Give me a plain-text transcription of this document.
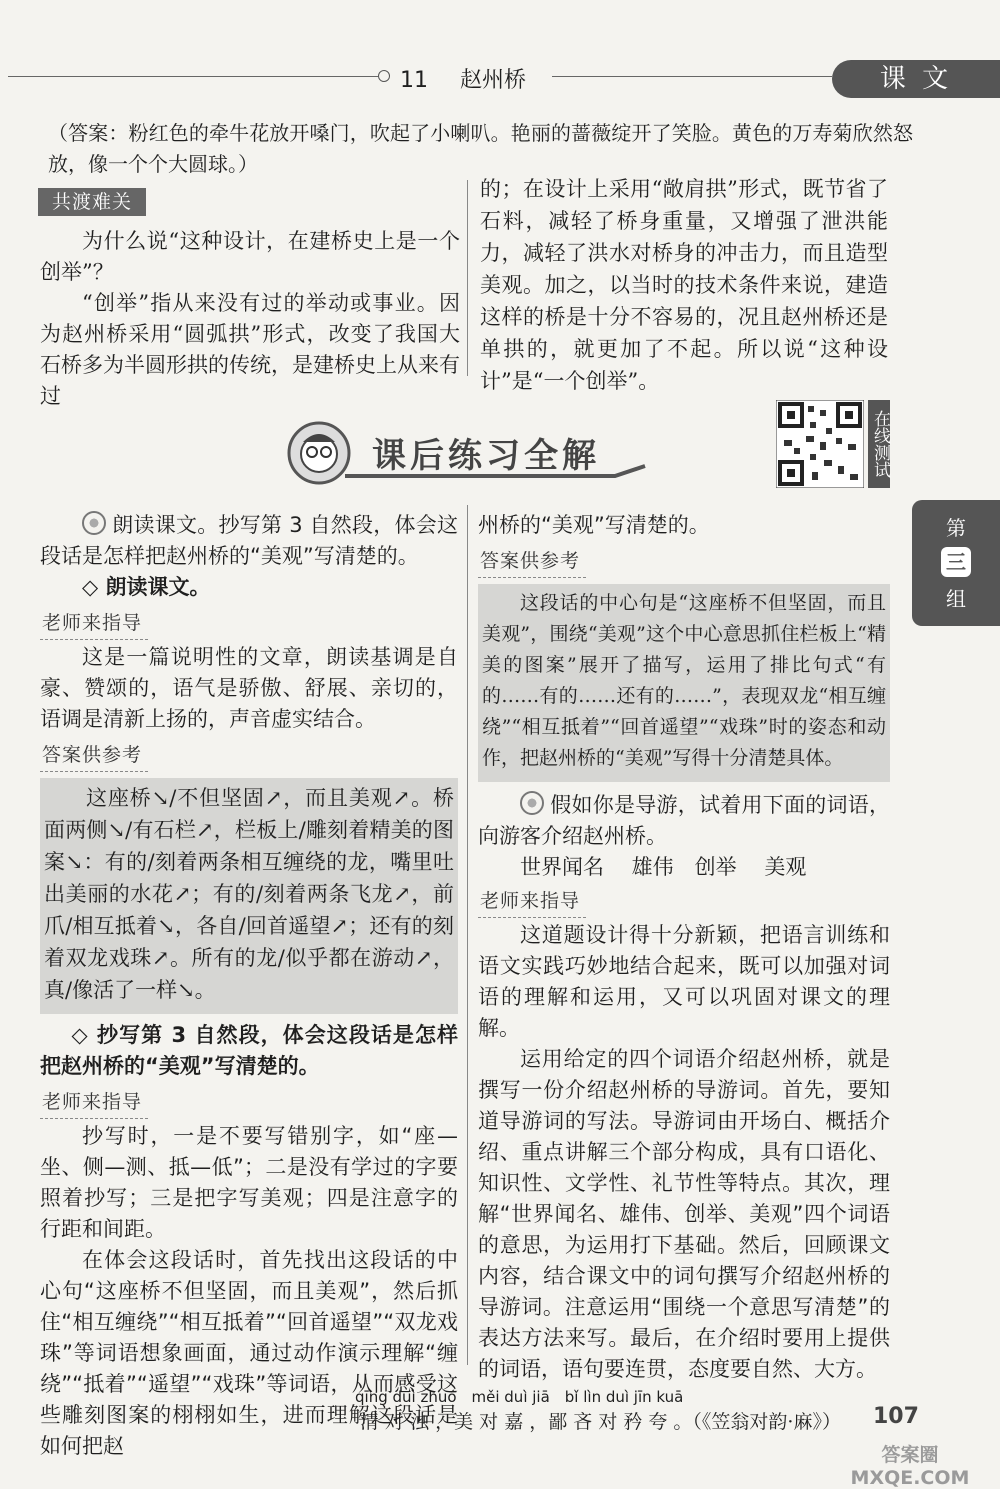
11 赵州桥	课 文
（答案：粉红色的牵牛花放开嗓门，吹起了小喇叭。艳丽的蔷薇绽开了笑脸。黄色的万寿菊欣然怒放，像一个个大圆球。）
共渡难关

为什么说“这种设计，在建桥史上是一个创举”？

“创举”指从来没有过的举动或事业。因为赵州桥采用“圆弧拱”形式，改变了我国大石桥多为半圆形拱的传统，是建桥史上从来有过

的；在设计上采用“敞肩拱”形式，既节省了石料，减轻了桥身重量，又增强了泄洪能力，减轻了洪水对桥身的冲击力，而且造型美观。加之，以当时的技术条件来说，建造这样的桥是十分不容易的，况且赵州桥还是单拱的，就更加了不起。所以说“这种设计”是“一个创举”。
课后练习全解	在线测试
第
三
组

朗读课文。抄写第 3 自然段，体会这段话是怎样把赵州桥的“美观”写清楚的。

◇ 朗读课文。
老师来指导

这是一篇说明性的文章，朗读基调是自豪、赞颂的，语气是骄傲、舒展、亲切的，语调是清新上扬的，声音虚实结合。

答案供参考

这座桥↘/不但坚固↗，而且美观↗。桥面两侧↘/有石栏↗，栏板上/雕刻着精美的图案↘：有的/刻着两条相互缠绕的龙，嘴里吐出美丽的水花↗；有的/刻着两条飞龙↗，前爪/相互抵着↘，各自/回首遥望↗；还有的刻着双龙戏珠↗。所有的龙/似乎都在游动↗，真/像活了一样↘。

◇ 抄写第 3 自然段，体会这段话是怎样把赵州桥的“美观”写清楚的。
老师来指导

抄写时，一是不要写错别字，如“座—坐、侧—测、抵—低”；二是没有学过的字要照着抄写；三是把字写美观；四是注意字的行距和间距。

在体会这段话时，首先找出这段话的中心句“这座桥不但坚固，而且美观”，然后抓住“相互缠绕”“相互抵着”“回首遥望”“双龙戏珠”等词语想象画面，通过动作演示理解“缠绕”“抵着”“遥望”“戏珠”等词语，从而感受这些雕刻图案的栩栩如生，进而理解这段话是如何把赵

州桥的“美观”写清楚的。
答案供参考

这段话的中心句是“这座桥不但坚固，而且美观”，围绕“美观”这个中心意思抓住栏板上“精美的图案”展开了描写，运用了排比句式“有的……有的……还有的……”，表现双龙“相互缠绕”“相互抵着”“回首遥望”“戏珠”时的姿态和动作，把赵州桥的“美观”写得十分清楚具体。

假如你是导游，试着用下面的词语，向游客介绍赵州桥。

世界闻名　 雄伟　创举　 美观
老师来指导

这道题设计得十分新颖，把语言训练和语文实践巧妙地结合起来，既可以加强对词语的理解和运用，又可以巩固对课文的理解。

运用给定的四个词语介绍赵州桥，就是撰写一份介绍赵州桥的导游词。首先，要知道导游词的写法。导游词由开场白、概括介绍、重点讲解三个部分构成，具有口语化、知识性、文学性、礼节性等特点。其次，理解“世界闻名、雄伟、创举、美观”四个词语的意思，为运用打下基础。然后，回顾课文内容，结合课文中的词句撰写介绍赵州桥的导游词。注意运用“围绕一个意思写清楚”的表达方法来写。最后，在介绍时要用上提供的词语，语句要连贯，态度要自然、大方。

qīng duì zhuó　měi duì jiā　bǐ lìn duì jīn kuā
清 对 浊 ，美 对 嘉 ，鄙 吝 对 矜 夸 。（《笠翁对韵·麻》） 107
答案圈 MXQE.COM
